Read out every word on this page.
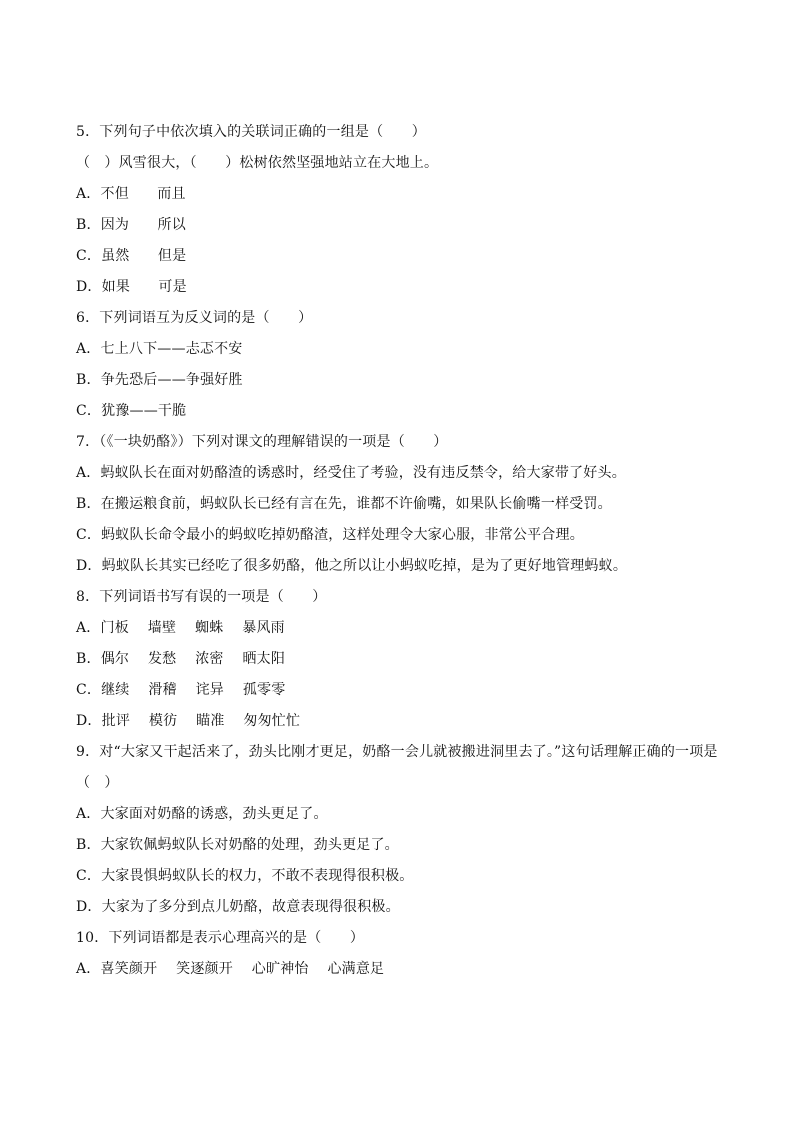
5．下列句子中依次填入的关联词正确的一组是（　　）
（　）风雪很大，（　　）松树依然坚强地站立在大地上。
A．不但　　而且
B．因为　　所以
C．虽然　　但是
D．如果　　可是
6．下列词语互为反义词的是（　　）
A．七上八下——忐忑不安
B．争先恐后——争强好胜
C．犹豫——干脆
7．（《一块奶酪》）下列对课文的理解错误的一项是（　　）
A．蚂蚁队长在面对奶酪渣的诱惑时，经受住了考验，没有违反禁令，给大家带了好头。
B．在搬运粮食前，蚂蚁队长已经有言在先，谁都不许偷嘴，如果队长偷嘴一样受罚。
C．蚂蚁队长命令最小的蚂蚁吃掉奶酪渣，这样处理令大家心服，非常公平合理。
D．蚂蚁队长其实已经吃了很多奶酪，他之所以让小蚂蚁吃掉，是为了更好地管理蚂蚁。
8．下列词语书写有误的一项是（　　）
A．门板　 墙壁　 蜘蛛　 暴风雨
B．偶尔　 发愁　 浓密　 晒太阳
C．继续　 滑稽　 诧异　 孤零零
D．批评　 模彷　 瞄准　 匆匆忙忙
9．对“大家又干起活来了，劲头比刚才更足，奶酪一会儿就被搬进洞里去了。”这句话理解正确的一项是（　）
A．大家面对奶酪的诱惑，劲头更足了。
B．大家钦佩蚂蚁队长对奶酪的处理，劲头更足了。
C．大家畏惧蚂蚁队长的权力，不敢不表现得很积极。
D．大家为了多分到点儿奶酪，故意表现得很积极。
10．下列词语都是表示心理高兴的是（　　）
A．喜笑颜开　 笑逐颜开　 心旷神怡　 心满意足
